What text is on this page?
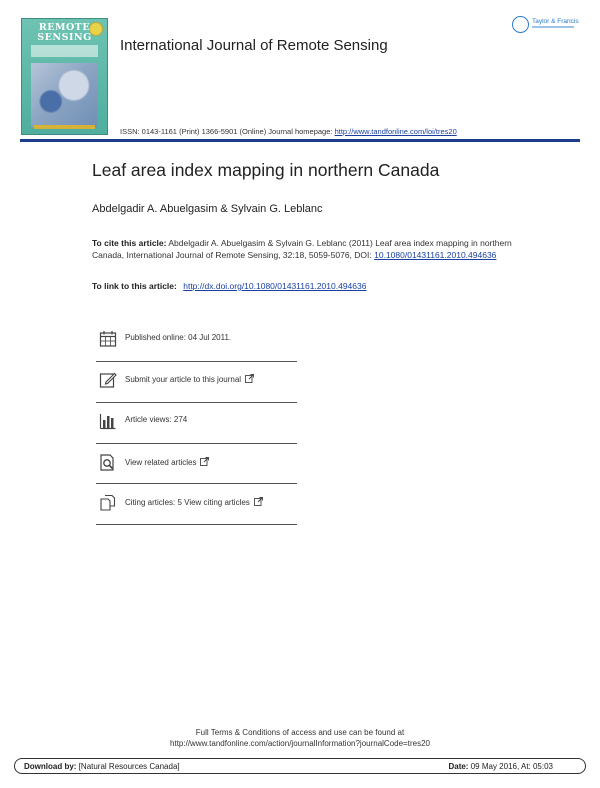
REMOTE
SENSING	International Journal of Remote Sensing
ISSN: 0143-1161 (Print) 1366-5901 (Online) Journal homepage: http://www.tandfonline.com/loi/tres20
Taylor & Francis
Leaf area index mapping in northern Canada
Abdelgadir A. Abuelgasim & Sylvain G. Leblanc
To cite this article: Abdelgadir A. Abuelgasim & Sylvain G. Leblanc (2011) Leaf area index mapping in northern Canada, International Journal of Remote Sensing, 32:18, 5059-5076, DOI: 10.1080/01431161.2010.494636
To link to this article: http://dx.doi.org/10.1080/01431161.2010.494636
Published online: 04 Jul 2011.
Submit your article to this journal
Article views: 274
View related articles
Citing articles: 5 View citing articles
Full Terms & Conditions of access and use can be found at
http://www.tandfonline.com/action/journalInformation?journalCode=tres20
Download by: [Natural Resources Canada]	Date: 09 May 2016, At: 05:03
